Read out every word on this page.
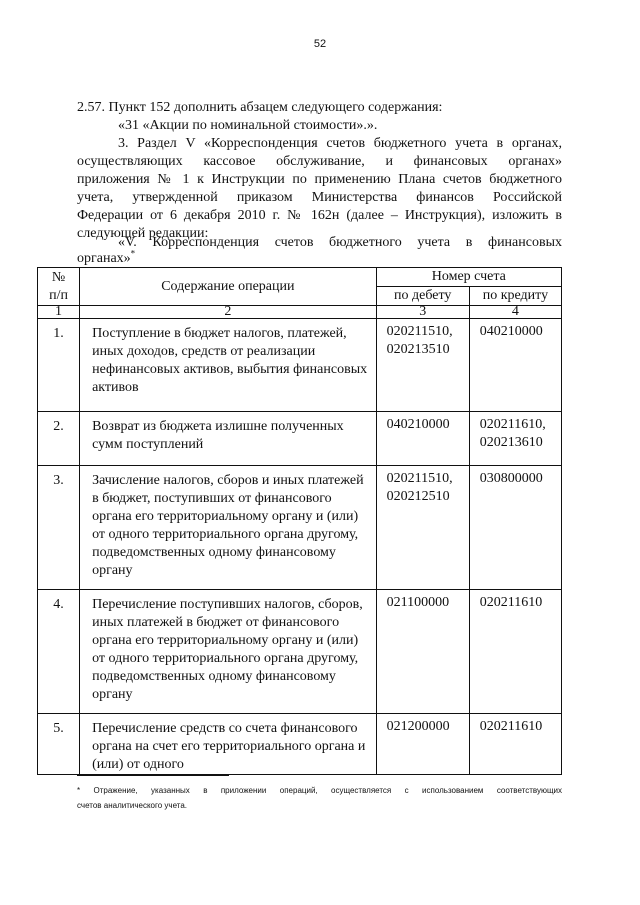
52

2.57. Пункт 152 дополнить абзацем следующего содержания:

«31 «Акции по номинальной стоимости».».

3. Раздел V «Корреспонденция счетов бюджетного учета в органах,

осуществляющих кассовое обслуживание, и финансовых органах»

приложения № 1 к Инструкции по применению Плана счетов бюджетного

учета, утвержденной приказом Министерства финансов Российской

Федерации от 6 декабря 2010 г. № 162н (далее – Инструкция), изложить в

следующей редакции:

«V. Корреспонденция счетов бюджетного учета в финансовых

органах»*

№
п/п	Содержание операции	Номер счета	
		по дебету	по кредиту
1	2	3	4
1.	Поступление в бюджет налогов, платежей, иных доходов, средств от реализации нефинансовых активов, выбытия финансовых активов	020211510,
020213510	040210000

2.	Возврат из бюджета излишне полученных сумм поступлений	040210000	020211610,
020213610

3.	Зачисление налогов, сборов и иных платежей в бюджет, поступивших от финансового органа его территориальному органу и (или) от одного территориального органа другому, подведомственных одному финансовому органу	020211510,
020212510	030800000

4.	Перечисление поступивших налогов, сборов, иных платежей в бюджет от финансового органа его территориальному органу и (или) от одного территориального органа другому, подведомственных одному финансовому органу	021100000	020211610

5.	Перечисление средств со счета финансового органа на счет его территориального органа и (или) от одного	021200000	020211610
* Отражение, указанных в приложении операций, осуществляется с использованием соответствующих
счетов аналитического учета.
